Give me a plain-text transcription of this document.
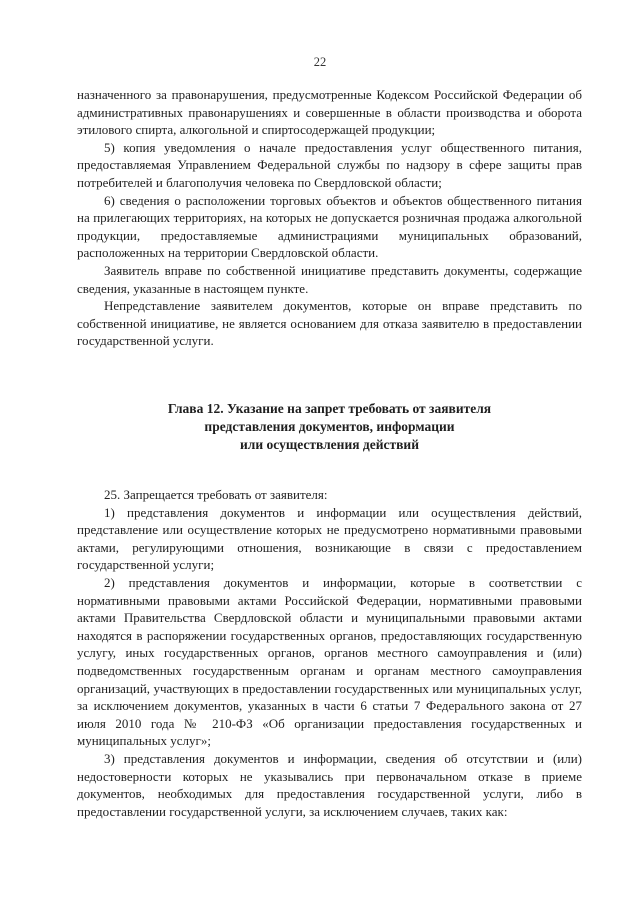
22

назначенного за правонарушения, предусмотренные Кодексом Российской Федерации об административных правонарушениях и совершенные в области производства и оборота этилового спирта, алкогольной и спиртосодержащей продукции;

5) копия уведомления о начале предоставления услуг общественного питания, предоставляемая Управлением Федеральной службы по надзору в сфере защиты прав потребителей и благополучия человека по Свердловской области;

6) сведения о расположении торговых объектов и объектов общественного питания на прилегающих территориях, на которых не допускается розничная продажа алкогольной продукции, предоставляемые администрациями муниципальных образований, расположенных на территории Свердловской области.

Заявитель вправе по собственной инициативе представить документы, содержащие сведения, указанные в настоящем пункте.

Непредставление заявителем документов, которые он вправе представить по собственной инициативе, не является основанием для отказа заявителю в предоставлении государственной услуги.

Глава 12. Указание на запрет требовать от заявителя
представления документов, информации
или осуществления действий

25. Запрещается требовать от заявителя:

1) представления документов и информации или осуществления действий, представление или осуществление которых не предусмотрено нормативными правовыми актами, регулирующими отношения, возникающие в связи с предоставлением государственной услуги;

2) представления документов и информации, которые в соответствии с нормативными правовыми актами Российской Федерации, нормативными правовыми актами Правительства Свердловской области и муниципальными правовыми актами находятся в распоряжении государственных органов, предоставляющих государственную услугу, иных государственных органов, органов местного самоуправления и (или) подведомственных государственным органам и органам местного самоуправления организаций, участвующих в предоставлении государственных или муниципальных услуг, за исключением документов, указанных в части 6 статьи 7 Федерального закона от 27 июля 2010 года № 210-ФЗ «Об организации предоставления государственных и муниципальных услуг»;

3) представления документов и информации, сведения об отсутствии и (или) недостоверности которых не указывались при первоначальном отказе в приеме документов, необходимых для предоставления государственной услуги, либо в предоставлении государственной услуги, за исключением случаев, таких как:
